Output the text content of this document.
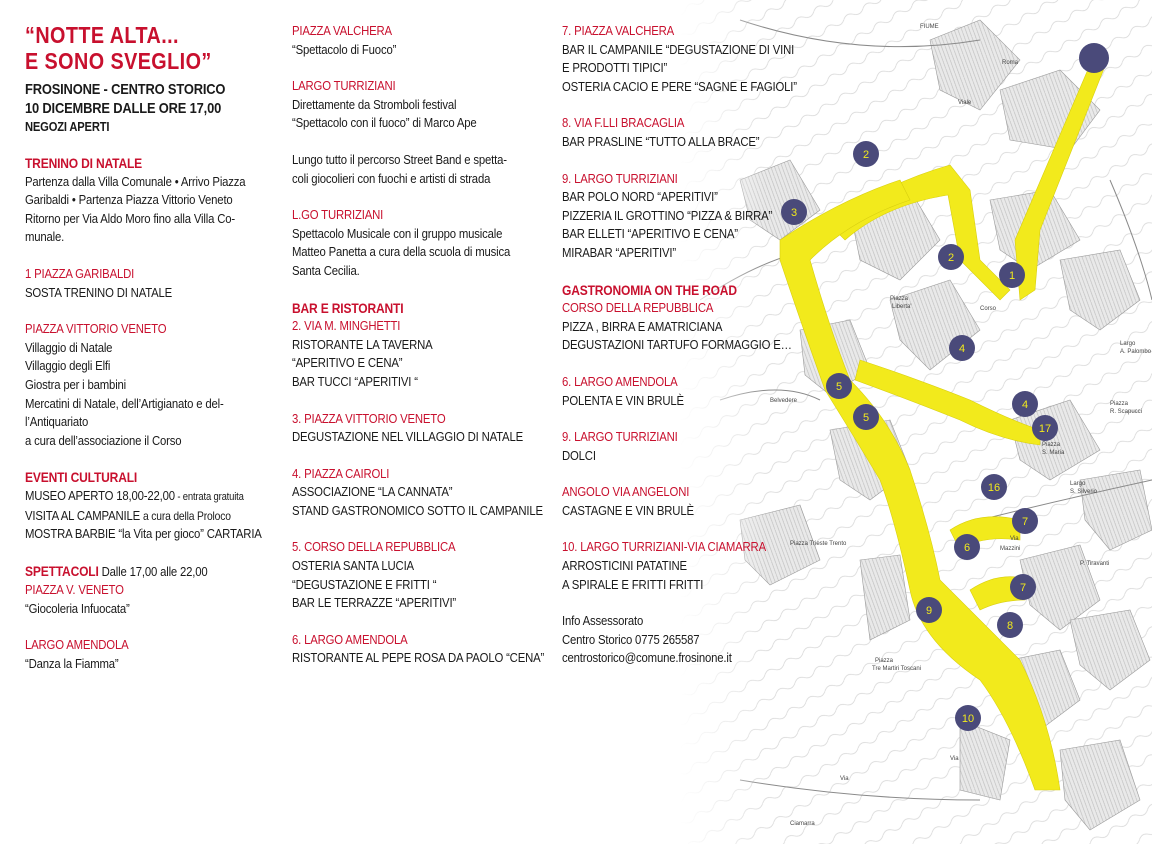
“NOTTE ALTA...

E SONO SVEGLIO”

FROSINONE - CENTRO STORICO

10 DICEMBRE DALLE ORE 17,00

NEGOZI APERTI

TRENINO DI NATALE

Partenza dalla Villa Comunale • Arrivo Piazza

Garibaldi • Partenza Piazza Vittorio Veneto

Ritorno per Via Aldo Moro fino alla Villa Co-

munale.

1 PIAZZA GARIBALDI

SOSTA TRENINO DI NATALE

PIAZZA VITTORIO VENETO

Villaggio di Natale

Villaggio degli Elfi

Giostra per i bambini

Mercatini di Natale, dell’Artigianato e del-

l’Antiquariato

a cura dell’associazione il Corso

EVENTI CULTURALI

MUSEO APERTO 18,00-22,00 - entrata gratuita

VISITA AL CAMPANILE a cura della Proloco

MOSTRA BARBIE “la Vita per gioco” CARTARIA

SPETTACOLI Dalle 17,00 alle 22,00

PIAZZA V. VENETO

“Giocoleria Infuocata”

LARGO AMENDOLA

“Danza la Fiamma”

PIAZZA VALCHERA

“Spettacolo di Fuoco”

LARGO TURRIZIANI

Direttamente da Stromboli festival

“Spettacolo con il fuoco” di Marco Ape

Lungo tutto il percorso Street Band e spetta-

coli giocolieri con fuochi e artisti di strada

L.GO TURRIZIANI

Spettacolo Musicale con il gruppo musicale

Matteo Panetta a cura della scuola di musica

Santa Cecilia.

BAR E RISTORANTI

2. VIA M. MINGHETTI

RISTORANTE LA TAVERNA

“APERITIVO E CENA”

BAR TUCCI “APERITIVI “

3. PIAZZA VITTORIO VENETO

DEGUSTAZIONE NEL VILLAGGIO DI NATALE

4. PIAZZA CAIROLI

ASSOCIAZIONE “LA CANNATA”

STAND GASTRONOMICO SOTTO IL CAMPANILE

5. CORSO DELLA REPUBBLICA

OSTERIA SANTA LUCIA

“DEGUSTAZIONE E FRITTI “

BAR LE TERRAZZE “APERITIVI”

6. LARGO AMENDOLA

RISTORANTE AL PEPE ROSA DA PAOLO “CENA”

7. PIAZZA VALCHERA

BAR IL CAMPANILE “DEGUSTAZIONE DI VINI

E PRODOTTI TIPICI”

OSTERIA CACIO E PERE “SAGNE E FAGIOLI”

8. VIA F.LLI BRACAGLIA

BAR PRASLINE “TUTTO ALLA BRACE”

9. LARGO TURRIZIANI

BAR POLO NORD “APERITIVI”

PIZZERIA IL GROTTINO “PIZZA & BIRRA”

BAR ELLETI “APERITIVO E CENA”

MIRABAR “APERITIVI”

GASTRONOMIA ON THE ROAD

CORSO DELLA REPUBBLICA

PIZZA , BIRRA E AMATRICIANA

DEGUSTAZIONI TARTUFO FORMAGGIO E…

6. LARGO AMENDOLA

POLENTA E VIN BRULÈ

9. LARGO TURRIZIANI

DOLCI

ANGOLO VIA ANGELONI

CASTAGNE E VIN BRULÈ

10. LARGO TURRIZIANI-VIA CIAMARRA

ARROSTICINI PATATINE

A SPIRALE E FRITTI FRITTI

Info Assessorato

Centro Storico 0775 265587

centrostorico@comune.frosinone.it
